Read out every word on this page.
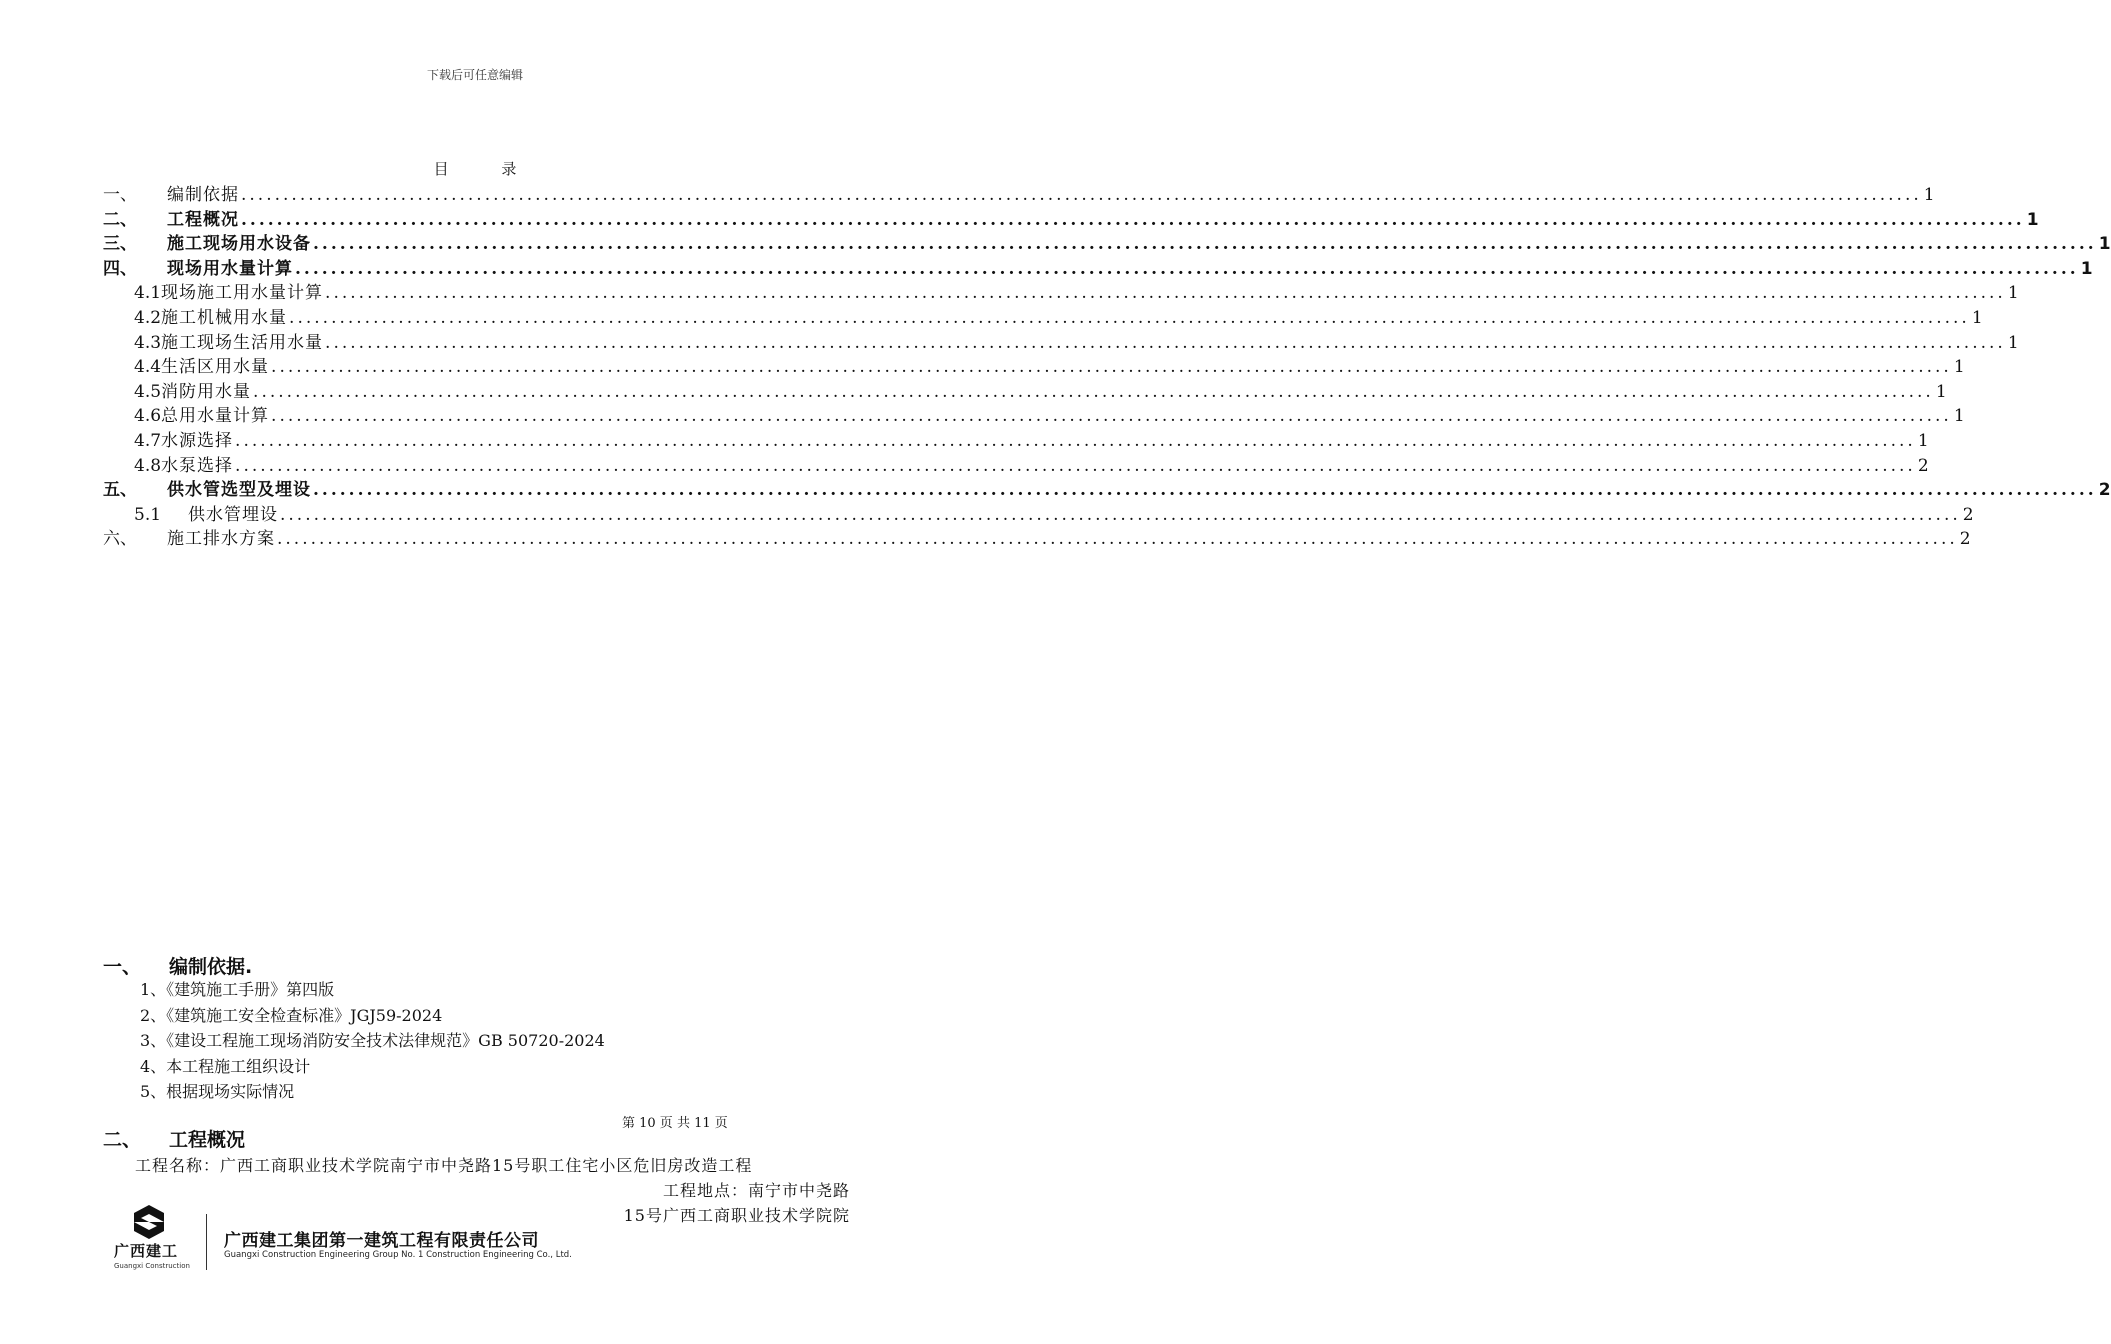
下载后可任意编辑
目 录
一、	编制依据 ........................................................................................................................................................................................................ 1
二、	工程概况 ........................................................................................................................................................................................................ 1
三、	施工现场用水设备 ........................................................................................................................................................................................................ 1
四、	现场用水量计算 ........................................................................................................................................................................................................ 1
4.1 现场施工用水量计算 ........................................................................................................................................................................................................ 1
4.2 施工机械用水量 ........................................................................................................................................................................................................ 1
4.3 施工现场生活用水量 ........................................................................................................................................................................................................ 1
4.4 生活区用水量 ........................................................................................................................................................................................................ 1
4.5 消防用水量 ........................................................................................................................................................................................................ 1
4.6 总用水量计算 ........................................................................................................................................................................................................ 1
4.7 水源选择 ........................................................................................................................................................................................................ 1
4.8 水泵选择 ........................................................................................................................................................................................................ 2
五、	供水管选型及埋设 ........................................................................................................................................................................................................ 2
5.1	供水管埋设 ........................................................................................................................................................................................................ 2
六、	施工排水方案 ........................................................................................................................................................................................................ 2
一、 编制依据.
1、《建筑施工手册》第四版
2、《建筑施工安全检查标准》JGJ59-2024
3、《建设工程施工现场消防安全技术法律规范》GB 50720-2024
4、本工程施工组织设计
5、根据现场实际情况
第 10 页 共 11 页
二、 工程概况
工程名称：广西工商职业技术学院南宁市中尧路15号职工住宅小区危旧房改造工程
工程地点：南宁市中尧路
15号广西工商职业技术学院院
广西建工
Guangxi Construction
广西建工集团第一建筑工程有限责任公司
Guangxi Construction Engineering Group No. 1 Construction Engineering Co., Ltd.
